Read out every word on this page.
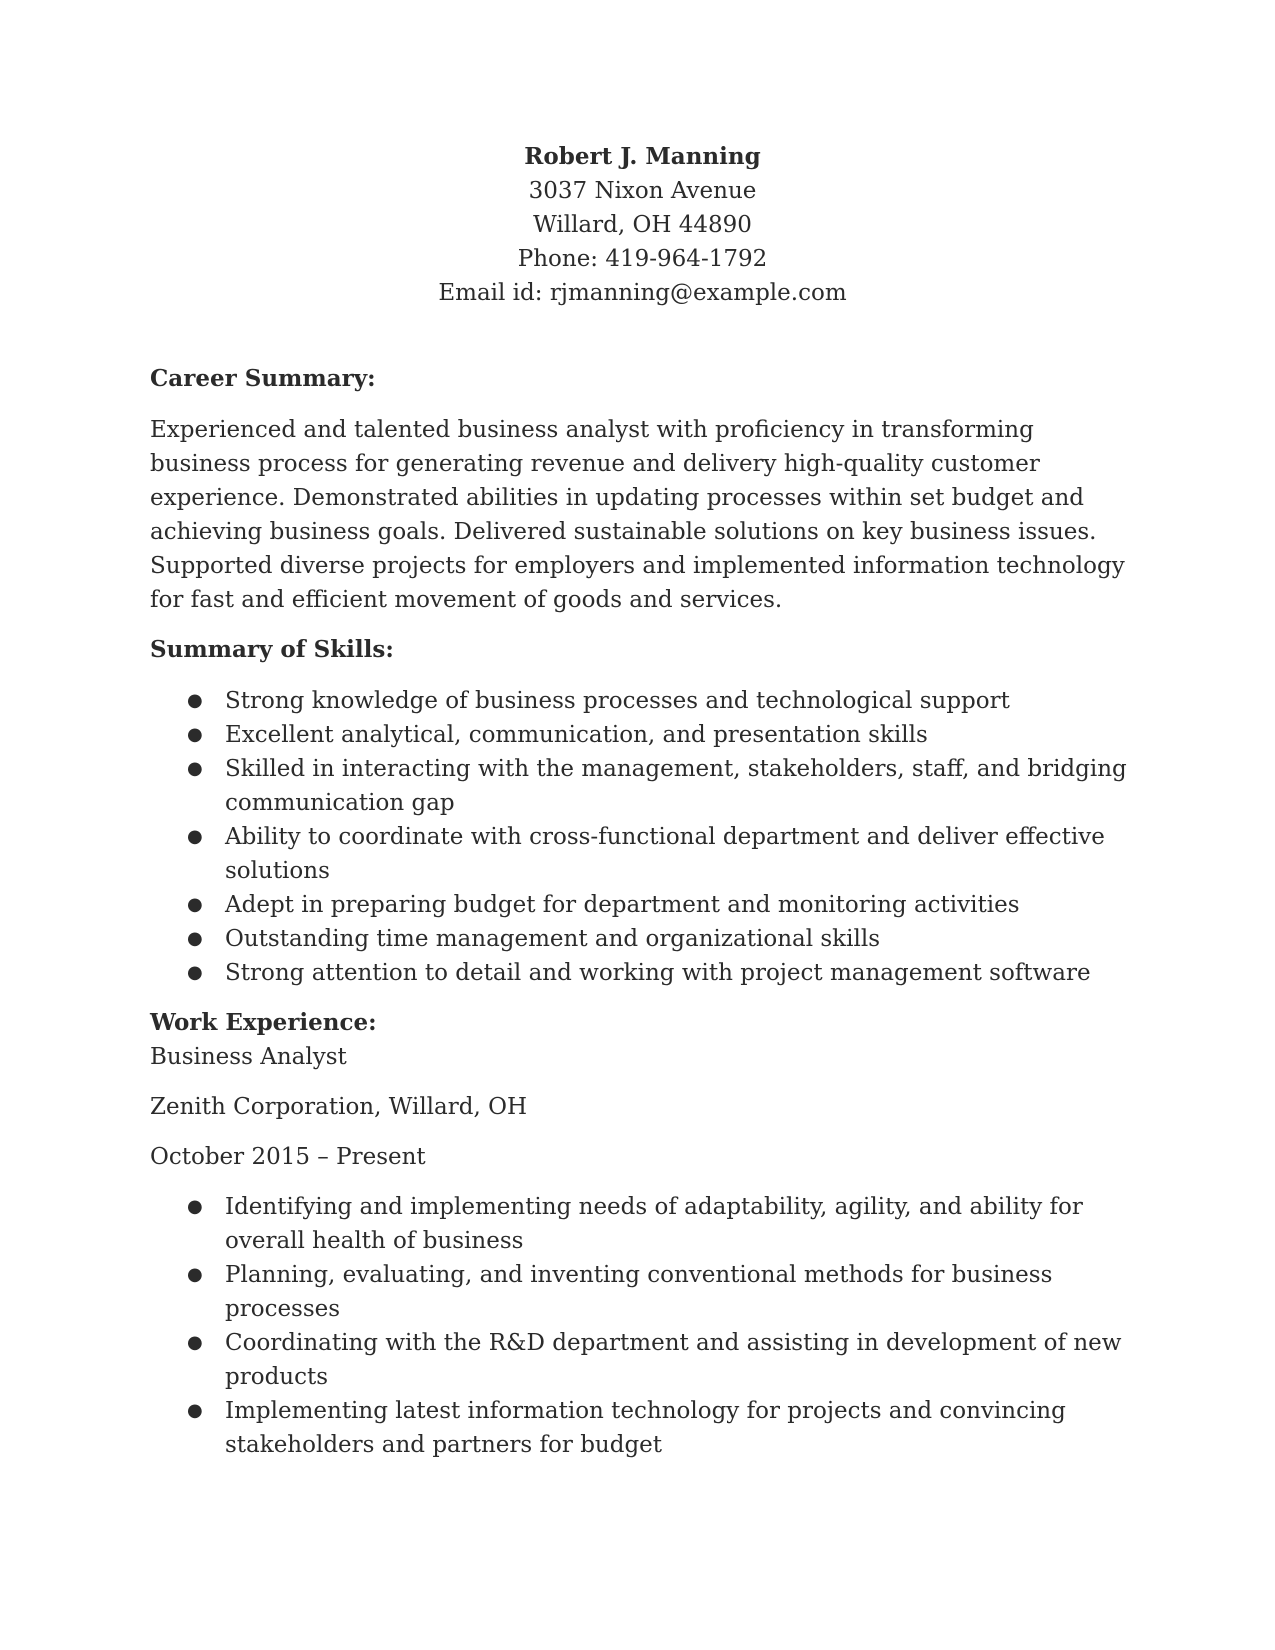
Robert J. Manning
3037 Nixon Avenue
Willard, OH 44890
Phone: 419-964-1792
Email id: rjmanning@example.com

Career Summary:

Experienced and talented business analyst with proficiency in transforming business process for generating revenue and delivery high-quality customer experience. Demonstrated abilities in updating processes within set budget and achieving business goals. Delivered sustainable solutions on key business issues. Supported diverse projects for employers and implemented information technology for fast and efficient movement of goods and services.

Summary of Skills:

● Strong knowledge of business processes and technological support
● Excellent analytical, communication, and presentation skills
● Skilled in interacting with the management, stakeholders, staff, and bridging communication gap
● Ability to coordinate with cross-functional department and deliver effective solutions
● Adept in preparing budget for department and monitoring activities
● Outstanding time management and organizational skills
● Strong attention to detail and working with project management software

Work Experience:

Business Analyst

Zenith Corporation, Willard, OH

October 2015 – Present

● Identifying and implementing needs of adaptability, agility, and ability for overall health of business
● Planning, evaluating, and inventing conventional methods for business processes
● Coordinating with the R&D department and assisting in development of new products
● Implementing latest information technology for projects and convincing stakeholders and partners for budget
